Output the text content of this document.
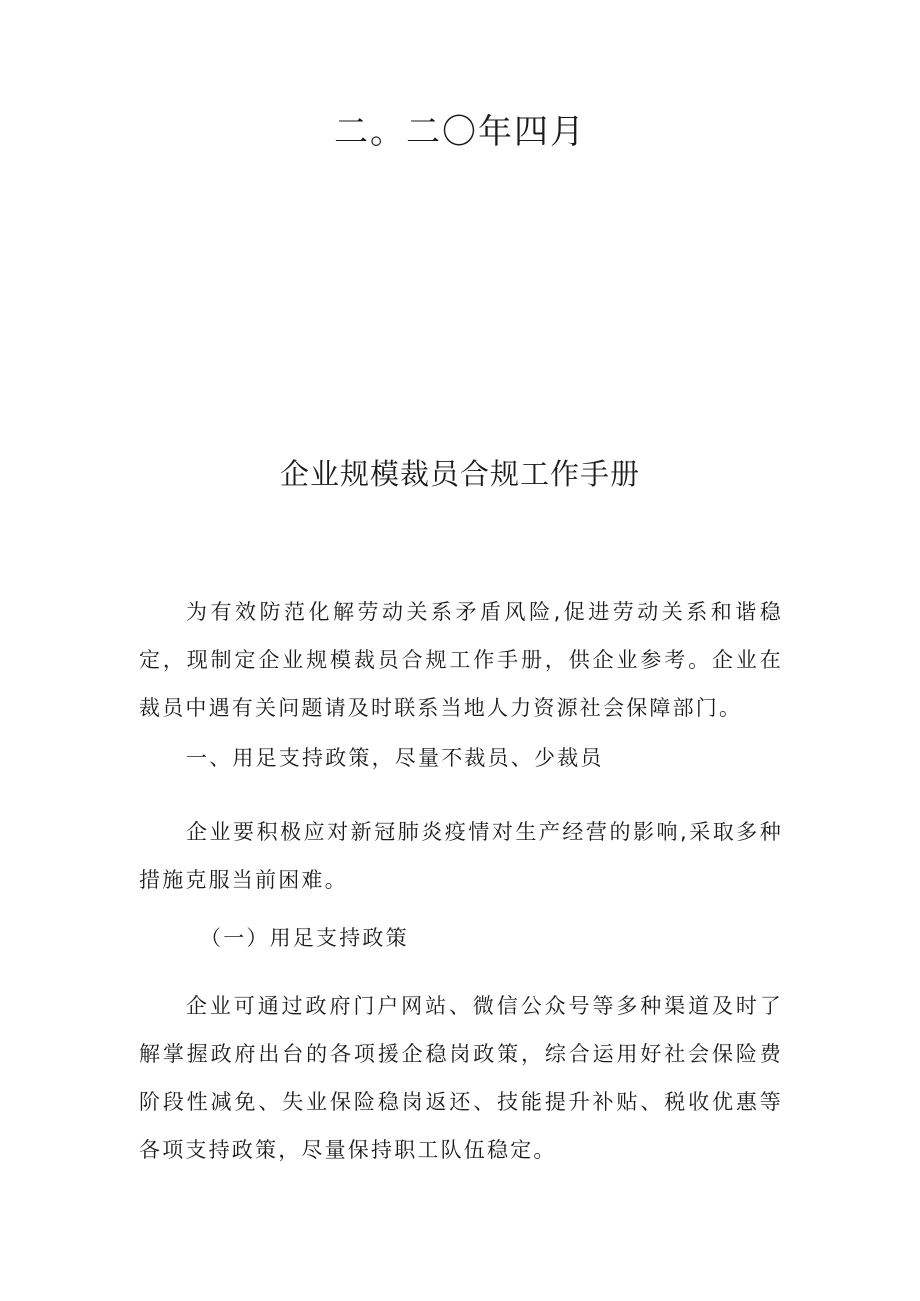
二。二〇年四月
企业规模裁员合规工作手册

为有效防范化解劳动关系矛盾风险,促进劳动关系和谐稳定，现制定企业规模裁员合规工作手册，供企业参考。企业在裁员中遇有关问题请及时联系当地人力资源社会保障部门。

一、用足支持政策，尽量不裁员、少裁员

企业要积极应对新冠肺炎疫情对生产经营的影响,采取多种措施克服当前困难。

（一）用足支持政策

企业可通过政府门户网站、微信公众号等多种渠道及时了解掌握政府出台的各项援企稳岗政策，综合运用好社会保险费阶段性减免、失业保险稳岗返还、技能提升补贴、税收优惠等各项支持政策，尽量保持职工队伍稳定。
